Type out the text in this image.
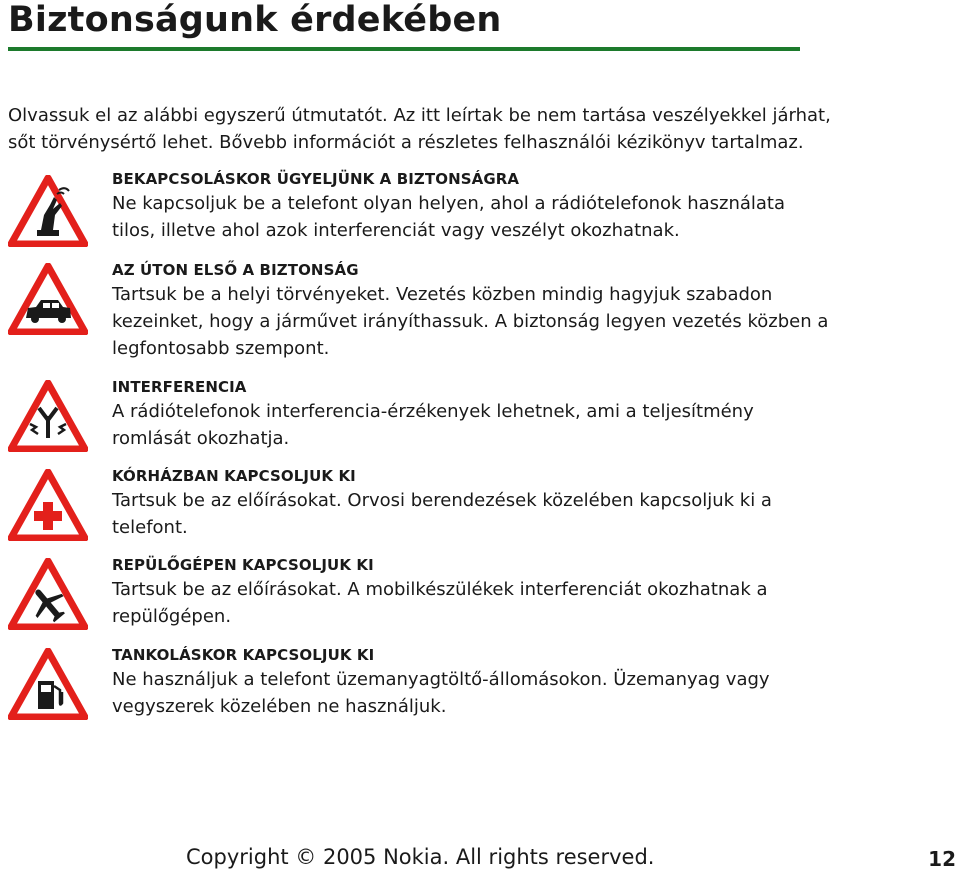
Biztonságunk érdekében

Olvassuk el az alábbi egyszerű útmutatót. Az itt leírtak be nem tartása veszélyekkel járhat, sőt törvénysértő lehet. Bővebb információt a részletes felhasználói kézikönyv tartalmaz.

BEKAPCSOLÁSKOR ÜGYELJÜNK A BIZTONSÁGRA

Ne kapcsoljuk be a telefont olyan helyen, ahol a rádiótelefonok használata tilos, illetve ahol azok interferenciát vagy veszélyt okozhatnak.

AZ ÚTON ELSŐ A BIZTONSÁG

Tartsuk be a helyi törvényeket. Vezetés közben mindig hagyjuk szabadon kezeinket, hogy a járművet irányíthassuk. A biztonság legyen vezetés közben a legfontosabb szempont.

INTERFERENCIA

A rádiótelefonok interferencia-érzékenyek lehetnek, ami a teljesítmény romlását okozhatja.

KÓRHÁZBAN KAPCSOLJUK KI

Tartsuk be az előírásokat. Orvosi berendezések közelében kapcsoljuk ki a telefont.

REPÜLŐGÉPEN KAPCSOLJUK KI

Tartsuk be az előírásokat. A mobilkészülékek interferenciát okozhatnak a repülőgépen.

TANKOLÁSKOR KAPCSOLJUK KI

Ne használjuk a telefont üzemanyagtöltő-állomásokon. Üzemanyag vagy vegyszerek közelében ne használjuk.

Copyright © 2005 Nokia. All rights reserved.	12
